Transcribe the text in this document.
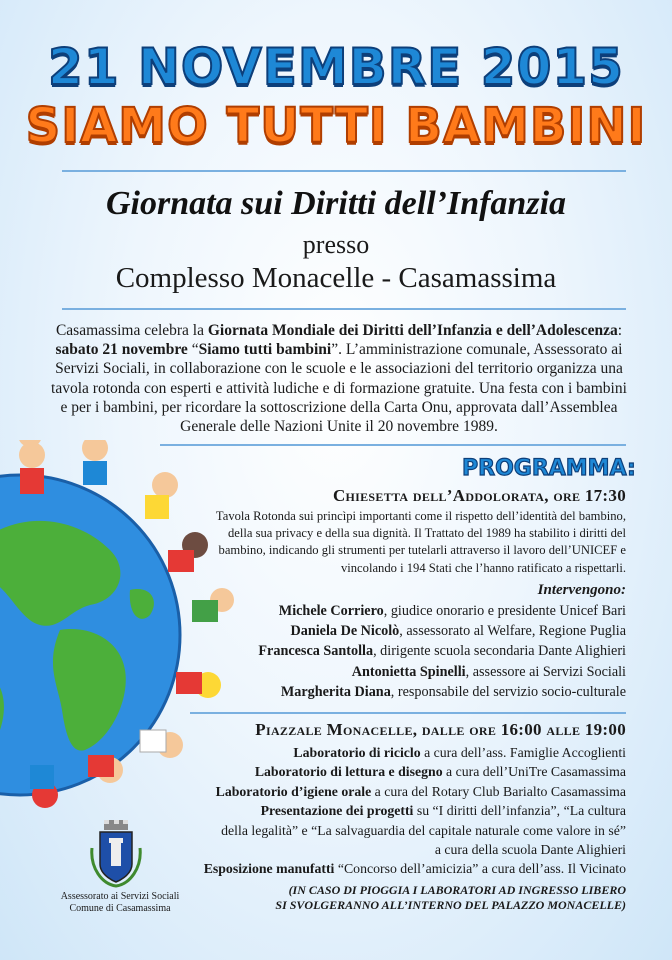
21 NOVEMBRE 2015
SIAMO TUTTI BAMBINI
Giornata sui Diritti dell’Infanzia
presso
Complesso Monacelle - Casamassima
Casamassima celebra la Giornata Mondiale dei Diritti dell’Infanzia e dell’Adolescenza: sabato 21 novembre “Siamo tutti bambini”. L’amministrazione comunale, Assessorato ai Servizi Sociali, in collaborazione con le scuole e le associazioni del territorio organizza una tavola rotonda con esperti e attività ludiche e di formazione gratuite. Una festa con i bambini e per i bambini, per ricordare la sottoscrizione della Carta Onu, approvata dall’Assemblea Generale delle Nazioni Unite il 20 novembre 1989.
PROGRAMMA:
Chiesetta dell’Addolorata, ore 17:30
Tavola Rotonda sui princìpi importanti come il rispetto dell’identità del bambino, della sua privacy e della sua dignità. Il Trattato del 1989 ha stabilito i diritti del bambino, indicando gli strumenti per tutelarli attraverso il lavoro dell’UNICEF e vincolando i 194 Stati che l’hanno ratificato a rispettarli.
Intervengono:
Michele Corriero, giudice onorario e presidente Unicef Bari
Daniela De Nicolò, assessorato al Welfare, Regione Puglia
Francesca Santolla, dirigente scuola secondaria Dante Alighieri
Antonietta Spinelli, assessore ai Servizi Sociali
Margherita Diana, responsabile del servizio socio-culturale
Piazzale Monacelle, dalle ore 16:00 alle 19:00
Laboratorio di riciclo a cura dell’ass. Famiglie Accoglienti
Laboratorio di lettura e disegno a cura dell’UniTre Casamassima
Laboratorio d’igiene orale a cura del Rotary Club Barialto Casamassima
Presentazione dei progetti su “I diritti dell’infanzia”, “La cultura
della legalità” e “La salvaguardia del capitale naturale come valore in sé”
a cura della scuola Dante Alighieri
Esposizione manufatti “Concorso dell’amicizia” a cura dell’ass. Il Vicinato
(IN CASO DI PIOGGIA I LABORATORI AD INGRESSO LIBERO
SI SVOLGERANNO ALL’INTERNO DEL PALAZZO MONACELLE)
Assessorato ai Servizi Sociali
Comune di Casamassima
